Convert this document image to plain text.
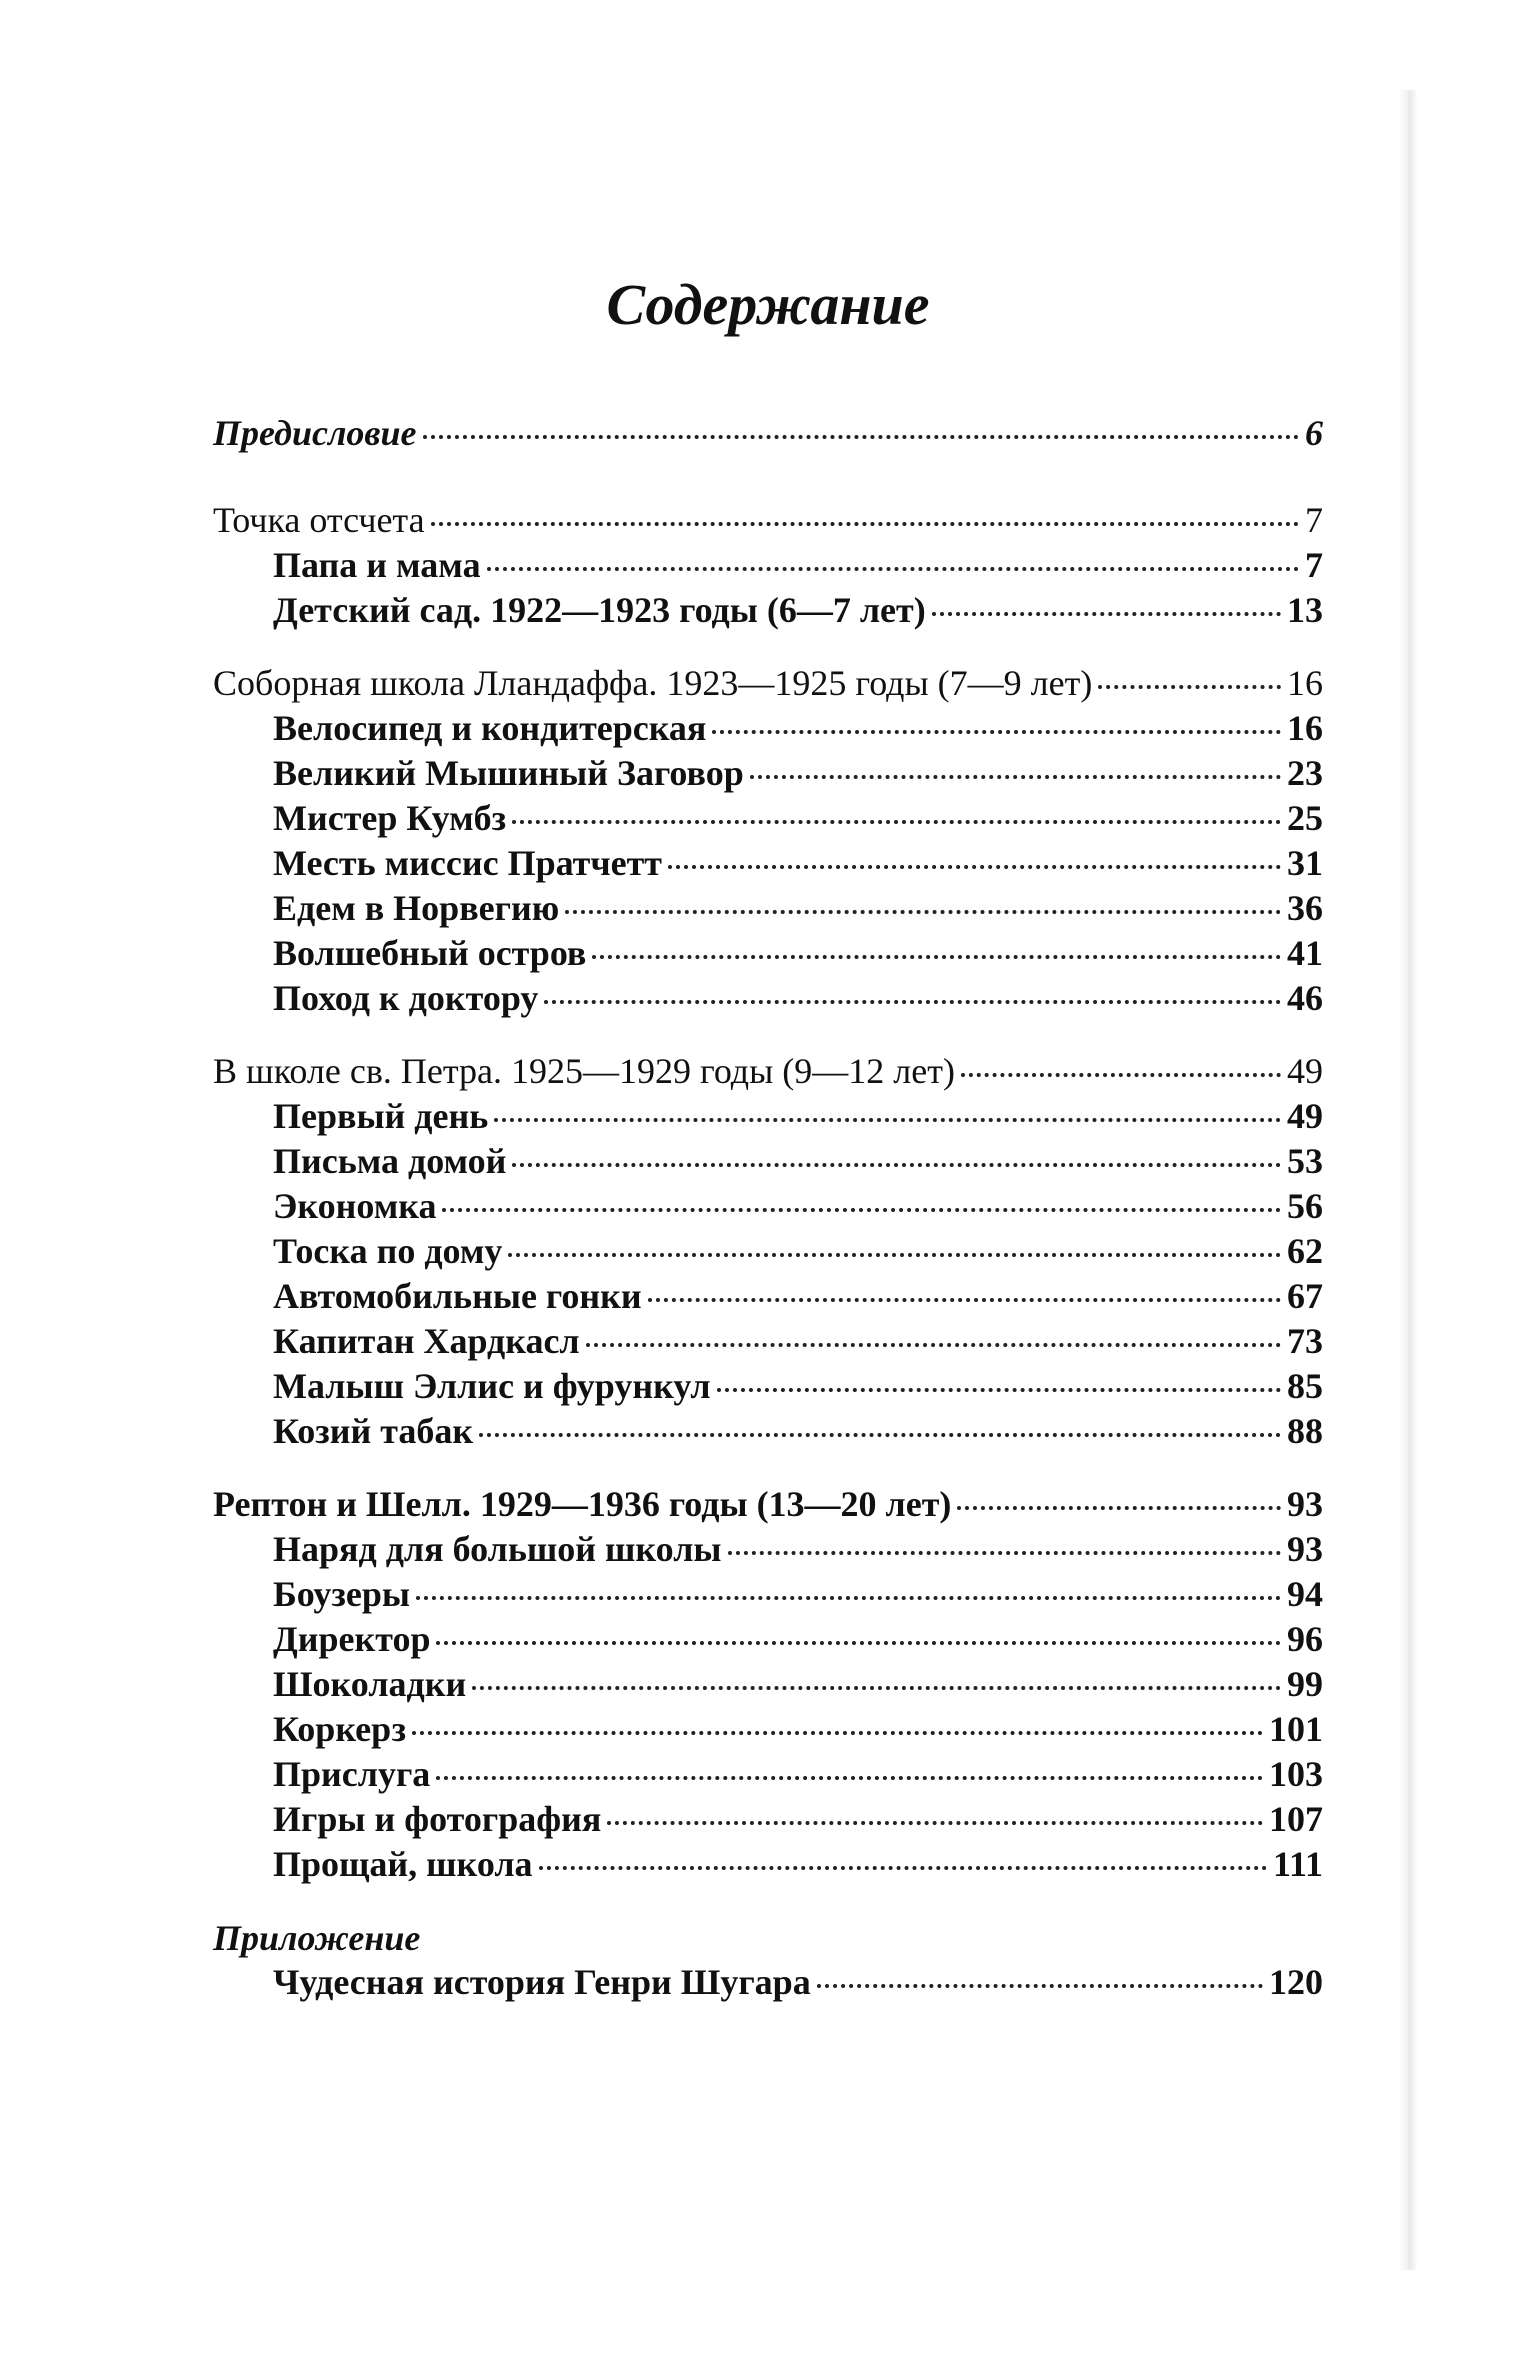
Содержание
Предисловие	6
Точка отсчета	7
Папа и мама	7
Детский сад. 1922—1923 годы (6—7 лет)	13
Соборная школа Лландаффа. 1923—1925 годы (7—9 лет)	16
Велосипед и кондитерская	16
Великий Мышиный Заговор	23
Мистер Кумбз	25
Месть миссис Пратчетт	31
Едем в Норвегию	36
Волшебный остров	41
Поход к доктору	46
В школе св. Петра. 1925—1929 годы (9—12 лет)	49
Первый день	49
Письма домой	53
Экономка	56
Тоска по дому	62
Автомобильные гонки	67
Капитан Хардкасл	73
Малыш Эллис и фурункул	85
Козий табак	88
Рептон и Шелл. 1929—1936 годы (13—20 лет)	93
Наряд для большой школы	93
Боузеры	94
Директор	96
Шоколадки	99
Коркерз	101
Прислуга	103
Игры и фотография	107
Прощай, школа	111
Приложение
Чудесная история Генри Шугара	120
